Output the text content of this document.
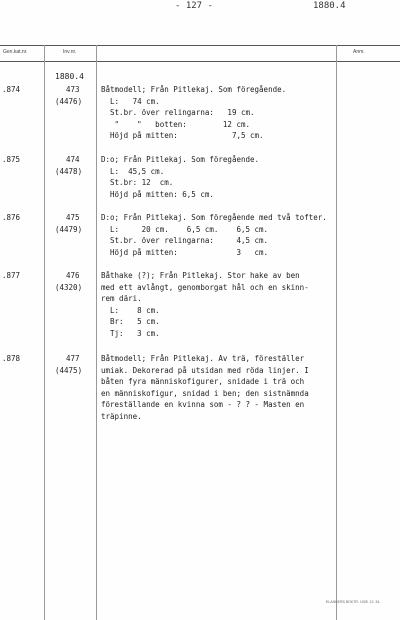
- 127 -	1880.4
Gen.kat.nr.	Inv.nr.	Anm.
1880.4
.874	473
(4476)
Båtmodell; Från Pitlekaj. Som föregående.
L:   74 cm.
St.br. över relingarna:   19 cm.
"    "   botten:        12 cm.
Höjd på mitten:            7,5 cm.
.875	474
(4478)
D:o; Från Pitlekaj. Som föregående.
L:  45,5 cm.
St.br: 12  cm.
Höjd på mitten: 6,5 cm.
.876	475
(4479)
D:o; Från Pitlekaj. Som föregående med två tofter.
L:     20 cm.    6,5 cm.    6,5 cm.
St.br. över relingarna:     4,5 cm.
Höjd på mitten:             3   cm.
.877	476
(4320)
Båthake (?); Från Pitlekaj. Stor hake av ben
med ett avlångt, genomborgat hål och en skinn-
rem däri.
L:    8 cm.
Br:   5 cm.
Tj:   3 cm.
.878	477
(4475)
Båtmodell; Från Pitlekaj. Av trä, föreställer
umiak. Dekorerad på utsidan med röda linjer. I
båten fyra människofigurer, snidade i trä och
en människofigur, snidad i ben; den sistnämnda
föreställande en kvinna som - ? ? - Masten en
träpinne.
ELANDERS BOKTR. 1928. 12. 34.
